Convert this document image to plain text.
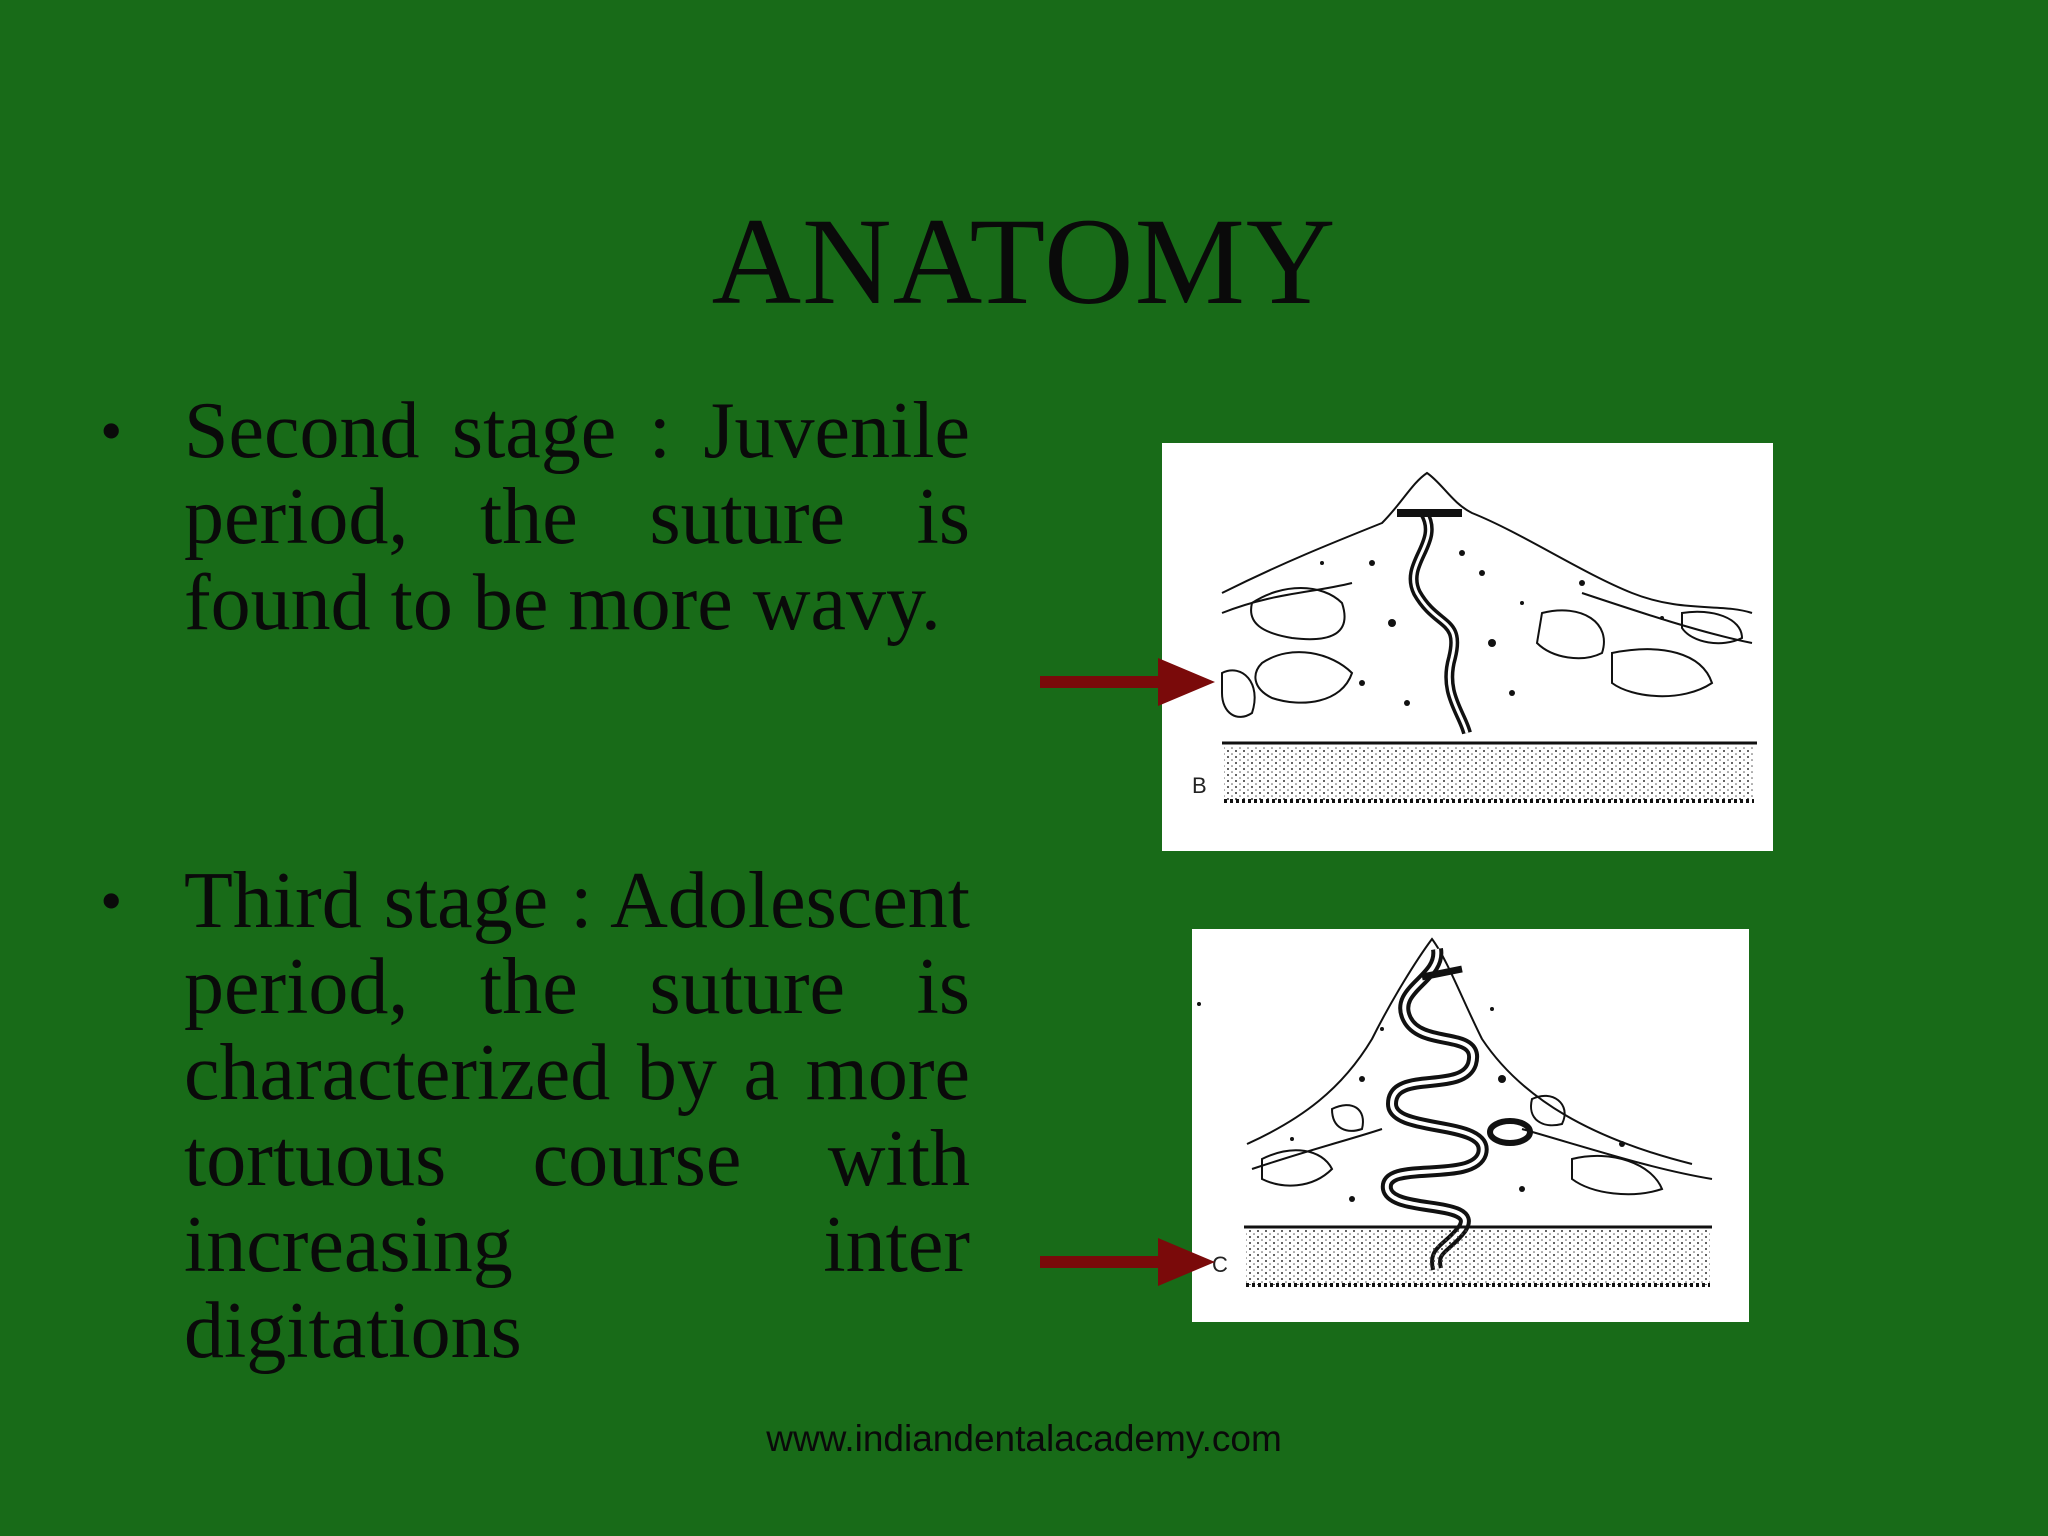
ANATOMY
• Second stage : Juvenile period, the suture is found to be more wavy.
• Third stage : Adolescent period, the suture is characterized by a more tortuous course with increasing inter digitations
B
C
www.indiandentalacademy.com
